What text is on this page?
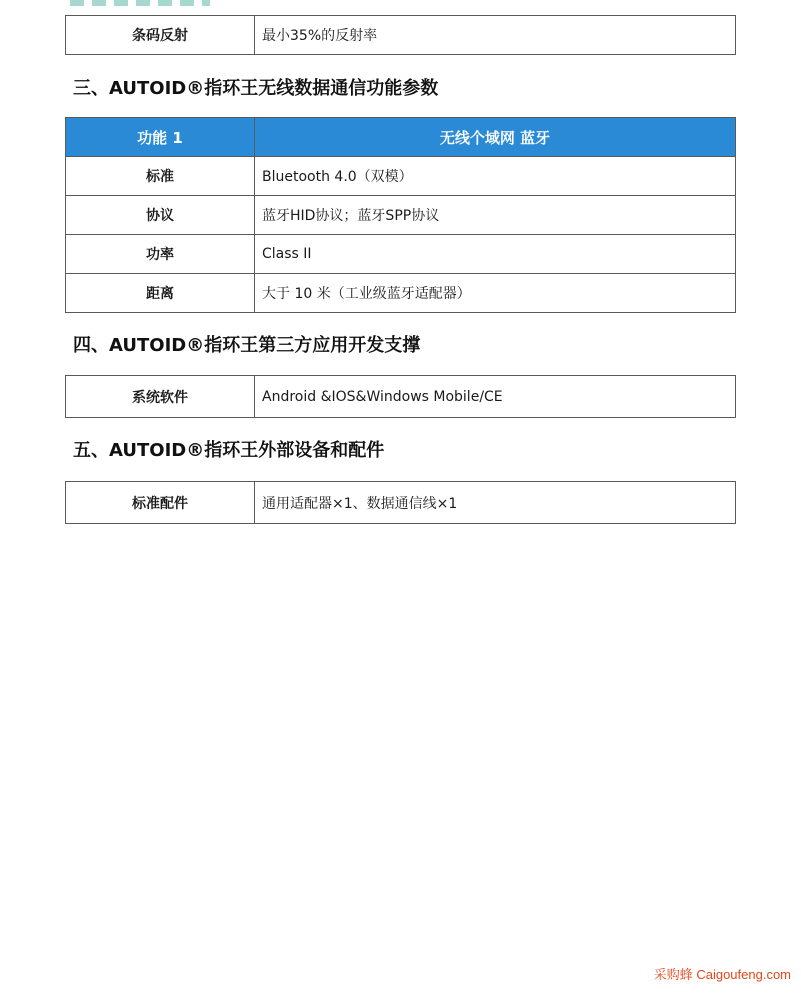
条码反射	最小35%的反射率
三、AUTOID®指环王无线数据通信功能参数
功能 1	无线个域网 蓝牙
标准	Bluetooth 4.0（双模）
协议	蓝牙HID协议；蓝牙SPP协议
功率	Class II
距离	大于 10 米（工业级蓝牙适配器）
四、AUTOID®指环王第三方应用开发支撑
系统软件	Android &IOS&Windows Mobile/CE
五、AUTOID®指环王外部设备和配件
标准配件	通用适配器×1、数据通信线×1
采购蜂 Caigoufeng.com
